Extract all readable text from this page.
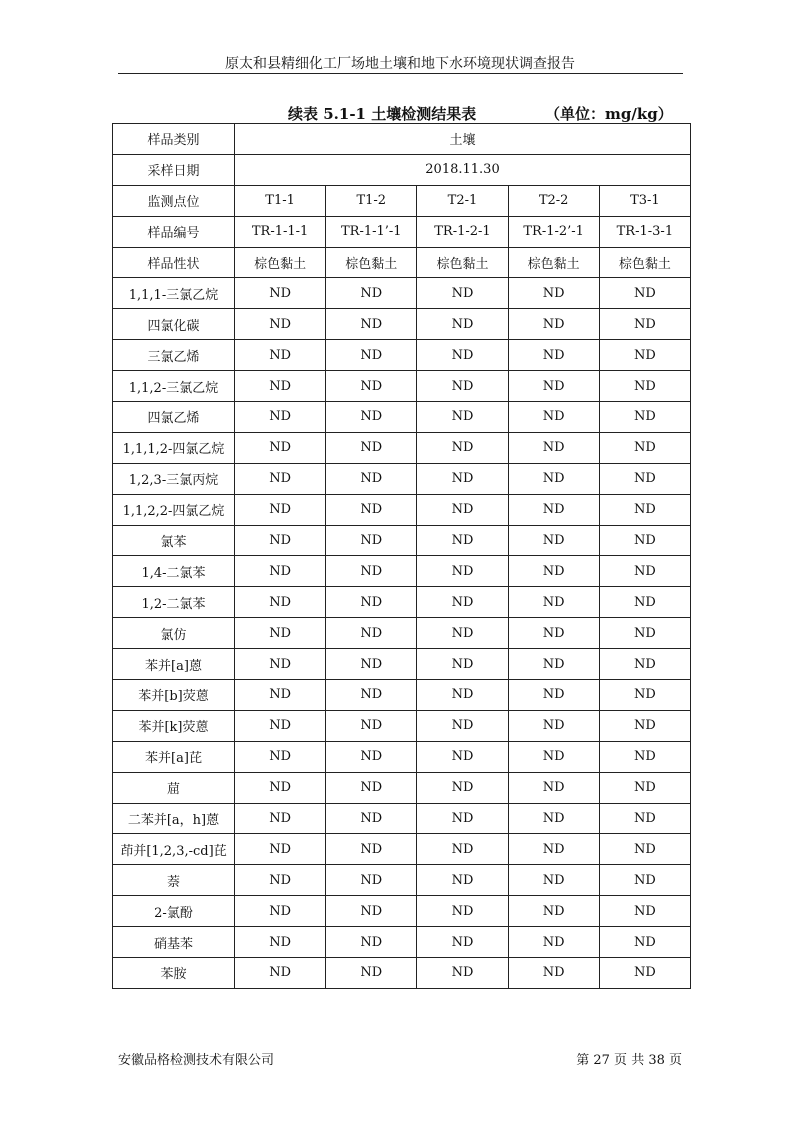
原太和县精细化工厂场地土壤和地下水环境现状调查报告
续表 5.1-1 土壤检测结果表	（单位：mg/kg）
样品类别	土壤				
采样日期	2018.11.30				
监测点位	T1-1	T1-2	T2-1	T2-2	T3-1
样品编号	TR-1-1-1	TR-1-1’-1	TR-1-2-1	TR-1-2’-1	TR-1-3-1
样品性状	棕色黏土	棕色黏土	棕色黏土	棕色黏土	棕色黏土
1,1,1-三氯乙烷	ND	ND	ND	ND	ND
四氯化碳	ND	ND	ND	ND	ND
三氯乙烯	ND	ND	ND	ND	ND
1,1,2-三氯乙烷	ND	ND	ND	ND	ND
四氯乙烯	ND	ND	ND	ND	ND
1,1,1,2-四氯乙烷	ND	ND	ND	ND	ND
1,2,3-三氯丙烷	ND	ND	ND	ND	ND
1,1,2,2-四氯乙烷	ND	ND	ND	ND	ND
氯苯	ND	ND	ND	ND	ND
1,4-二氯苯	ND	ND	ND	ND	ND
1,2-二氯苯	ND	ND	ND	ND	ND
氯仿	ND	ND	ND	ND	ND
苯并[a]蒽	ND	ND	ND	ND	ND
苯并[b]荧蒽	ND	ND	ND	ND	ND
苯并[k]荧蒽	ND	ND	ND	ND	ND
苯并[a]芘	ND	ND	ND	ND	ND
䓛	ND	ND	ND	ND	ND
二苯并[a，h]蒽	ND	ND	ND	ND	ND
茚并[1,2,3,-cd]芘	ND	ND	ND	ND	ND
萘	ND	ND	ND	ND	ND
2-氯酚	ND	ND	ND	ND	ND
硝基苯	ND	ND	ND	ND	ND
苯胺	ND	ND	ND	ND	ND
安徽品格检测技术有限公司	第 27 页 共 38 页
